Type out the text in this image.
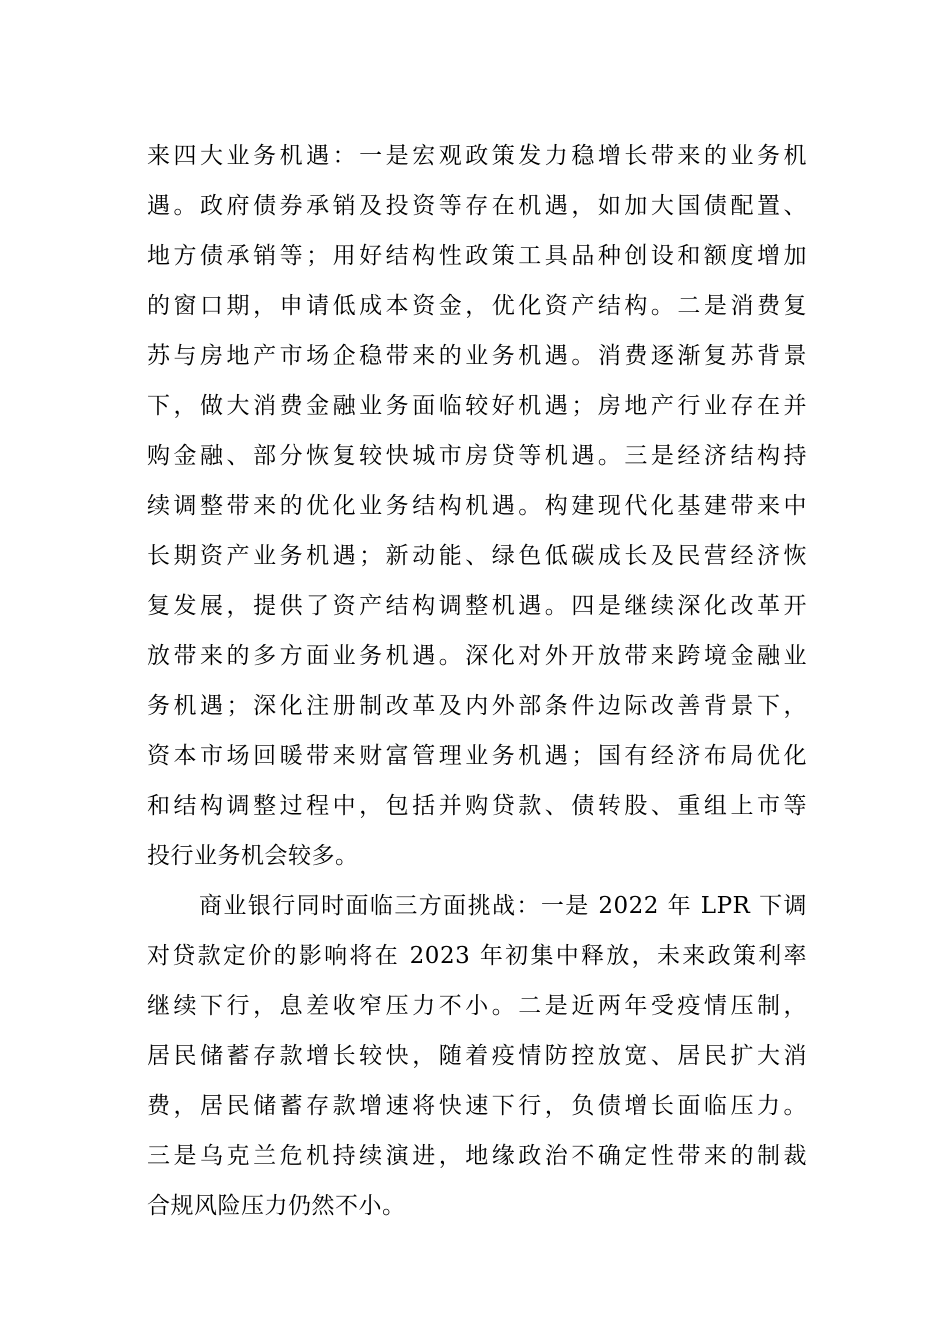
来四大业务机遇：一是宏观政策发力稳增长带来的业务机
遇。政府债券承销及投资等存在机遇，如加大国债配置、
地方债承销等；用好结构性政策工具品种创设和额度增加
的窗口期，申请低成本资金，优化资产结构。二是消费复
苏与房地产市场企稳带来的业务机遇。消费逐渐复苏背景
下，做大消费金融业务面临较好机遇；房地产行业存在并
购金融、部分恢复较快城市房贷等机遇。三是经济结构持
续调整带来的优化业务结构机遇。构建现代化基建带来中
长期资产业务机遇；新动能、绿色低碳成长及民营经济恢
复发展，提供了资产结构调整机遇。四是继续深化改革开
放带来的多方面业务机遇。深化对外开放带来跨境金融业
务机遇；深化注册制改革及内外部条件边际改善背景下，
资本市场回暖带来财富管理业务机遇；国有经济布局优化
和结构调整过程中，包括并购贷款、债转股、重组上市等
投行业务机会较多。
商业银行同时面临三方面挑战：一是 2022 年 LPR 下调
对贷款定价的影响将在 2023 年初集中释放，未来政策利率
继续下行，息差收窄压力不小。二是近两年受疫情压制，
居民储蓄存款增长较快，随着疫情防控放宽、居民扩大消
费，居民储蓄存款增速将快速下行，负债增长面临压力。
三是乌克兰危机持续演进，地缘政治不确定性带来的制裁
合规风险压力仍然不小。
